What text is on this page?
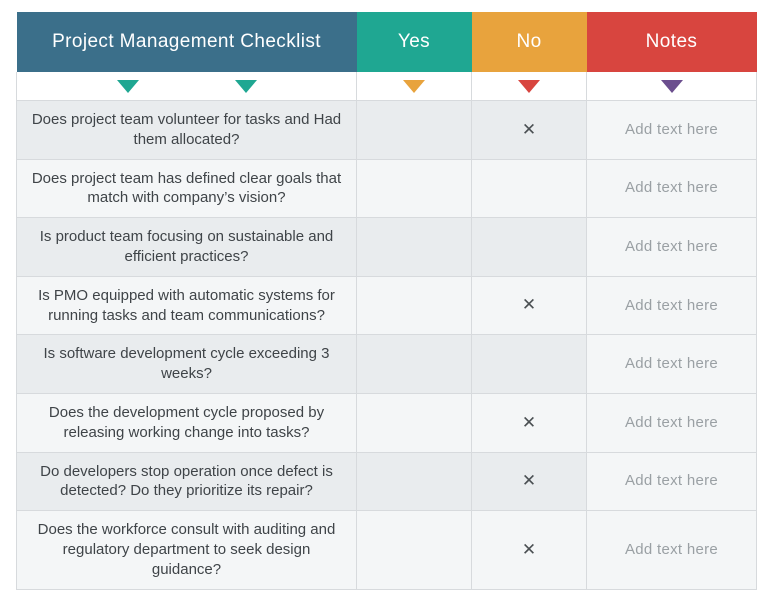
Project Management Checklist	Yes	No	Notes

Does project team volunteer for tasks and Had them allocated?		✕	Add text here
Does project team has defined clear goals that match with company’s vision?			Add text here
Is product team focusing on sustainable and efficient practices?			Add text here
Is PMO equipped with automatic systems for running tasks and team communications?		✕	Add text here
Is software development cycle exceeding 3 weeks?			Add text here
Does the development cycle proposed by releasing working change into tasks?		✕	Add text here
Do developers stop operation once defect is detected? Do they prioritize its repair?		✕	Add text here
Does the workforce consult with auditing and regulatory department to seek design guidance?		✕	Add text here
